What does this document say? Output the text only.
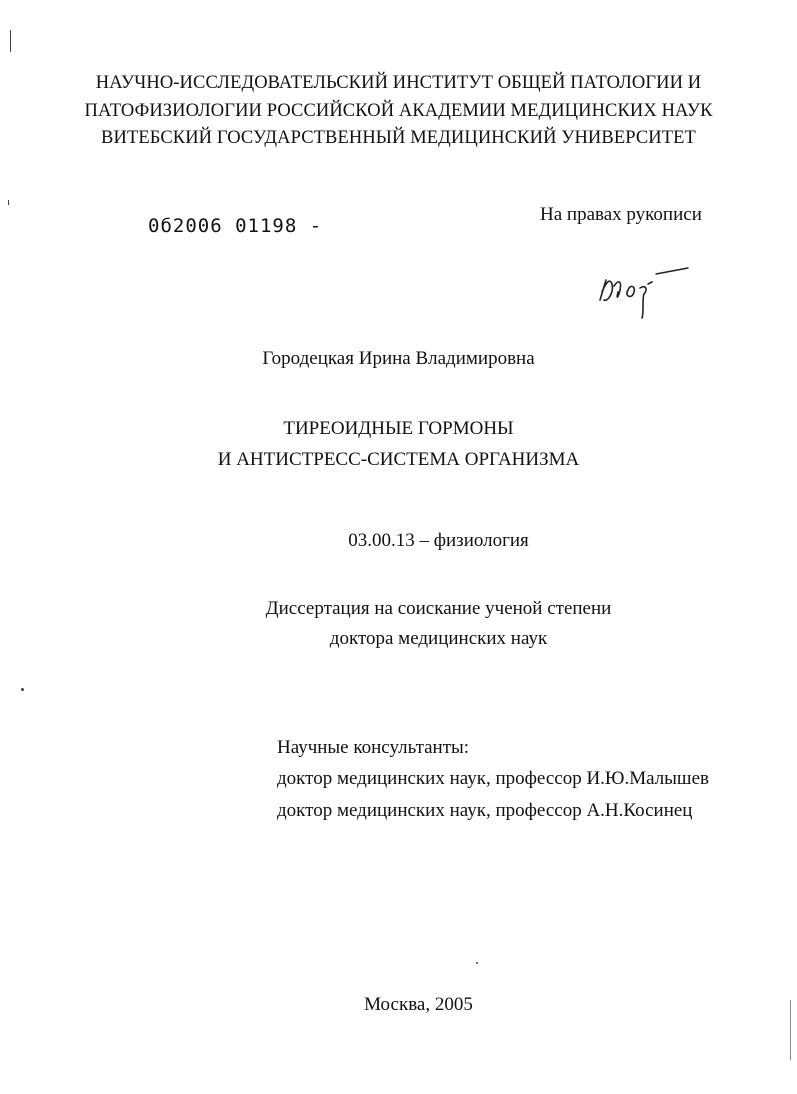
НАУЧНО-ИССЛЕДОВАТЕЛЬСКИЙ ИНСТИТУТ ОБЩЕЙ ПАТОЛОГИИ И
ПАТОФИЗИОЛОГИИ РОССИЙСКОЙ АКАДЕМИИ МЕДИЦИНСКИХ НАУК
ВИТЕБСКИЙ ГОСУДАРСТВЕННЫЙ МЕДИЦИНСКИЙ УНИВЕРСИТЕТ
0б2006 01198 -
На правах рукописи
Городецкая Ирина Владимировна
ТИРЕОИДНЫЕ ГОРМОНЫ
И АНТИСТРЕСС-СИСТЕМА ОРГАНИЗМА
03.00.13 – физиология
Диссертация на соискание ученой степени
доктора медицинских наук
Научные консультанты:
доктор медицинских наук, профессор И.Ю.Малышев
доктор медицинских наук, профессор А.Н.Косинец
Москва, 2005
